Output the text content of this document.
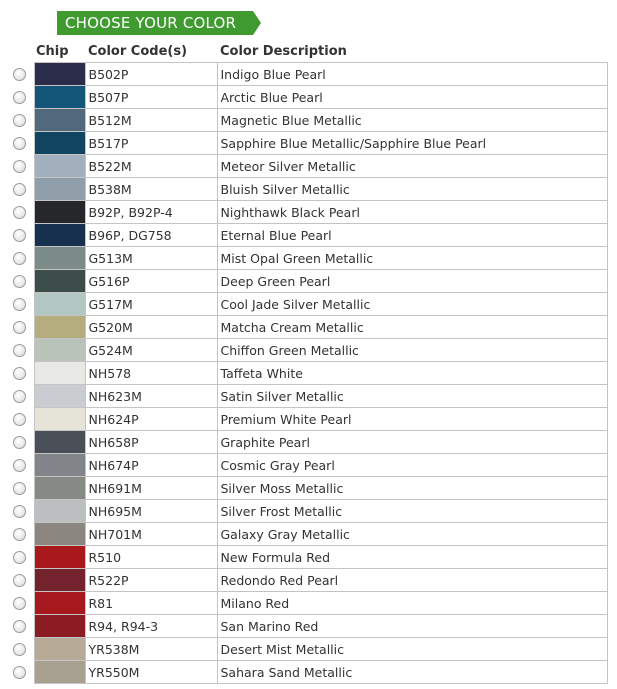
CHOOSE YOUR COLOR
Chip		Color Code(s)	Color Description

	B502P	Indigo Blue Pearl

	B507P	Arctic Blue Pearl

	B512M	Magnetic Blue Metallic

	B517P	Sapphire Blue Metallic/Sapphire Blue Pearl

	B522M	Meteor Silver Metallic

	B538M	Bluish Silver Metallic

	B92P, B92P-4	Nighthawk Black Pearl

	B96P, DG758	Eternal Blue Pearl

	G513M	Mist Opal Green Metallic

	G516P	Deep Green Pearl

	G517M	Cool Jade Silver Metallic

	G520M	Matcha Cream Metallic

	G524M	Chiffon Green Metallic

	NH578	Taffeta White

	NH623M	Satin Silver Metallic

	NH624P	Premium White Pearl

	NH658P	Graphite Pearl

	NH674P	Cosmic Gray Pearl

	NH691M	Silver Moss Metallic

	NH695M	Silver Frost Metallic

	NH701M	Galaxy Gray Metallic

	R510	New Formula Red

	R522P	Redondo Red Pearl

	R81	Milano Red

	R94, R94-3	San Marino Red

	YR538M	Desert Mist Metallic

	YR550M	Sahara Sand Metallic
